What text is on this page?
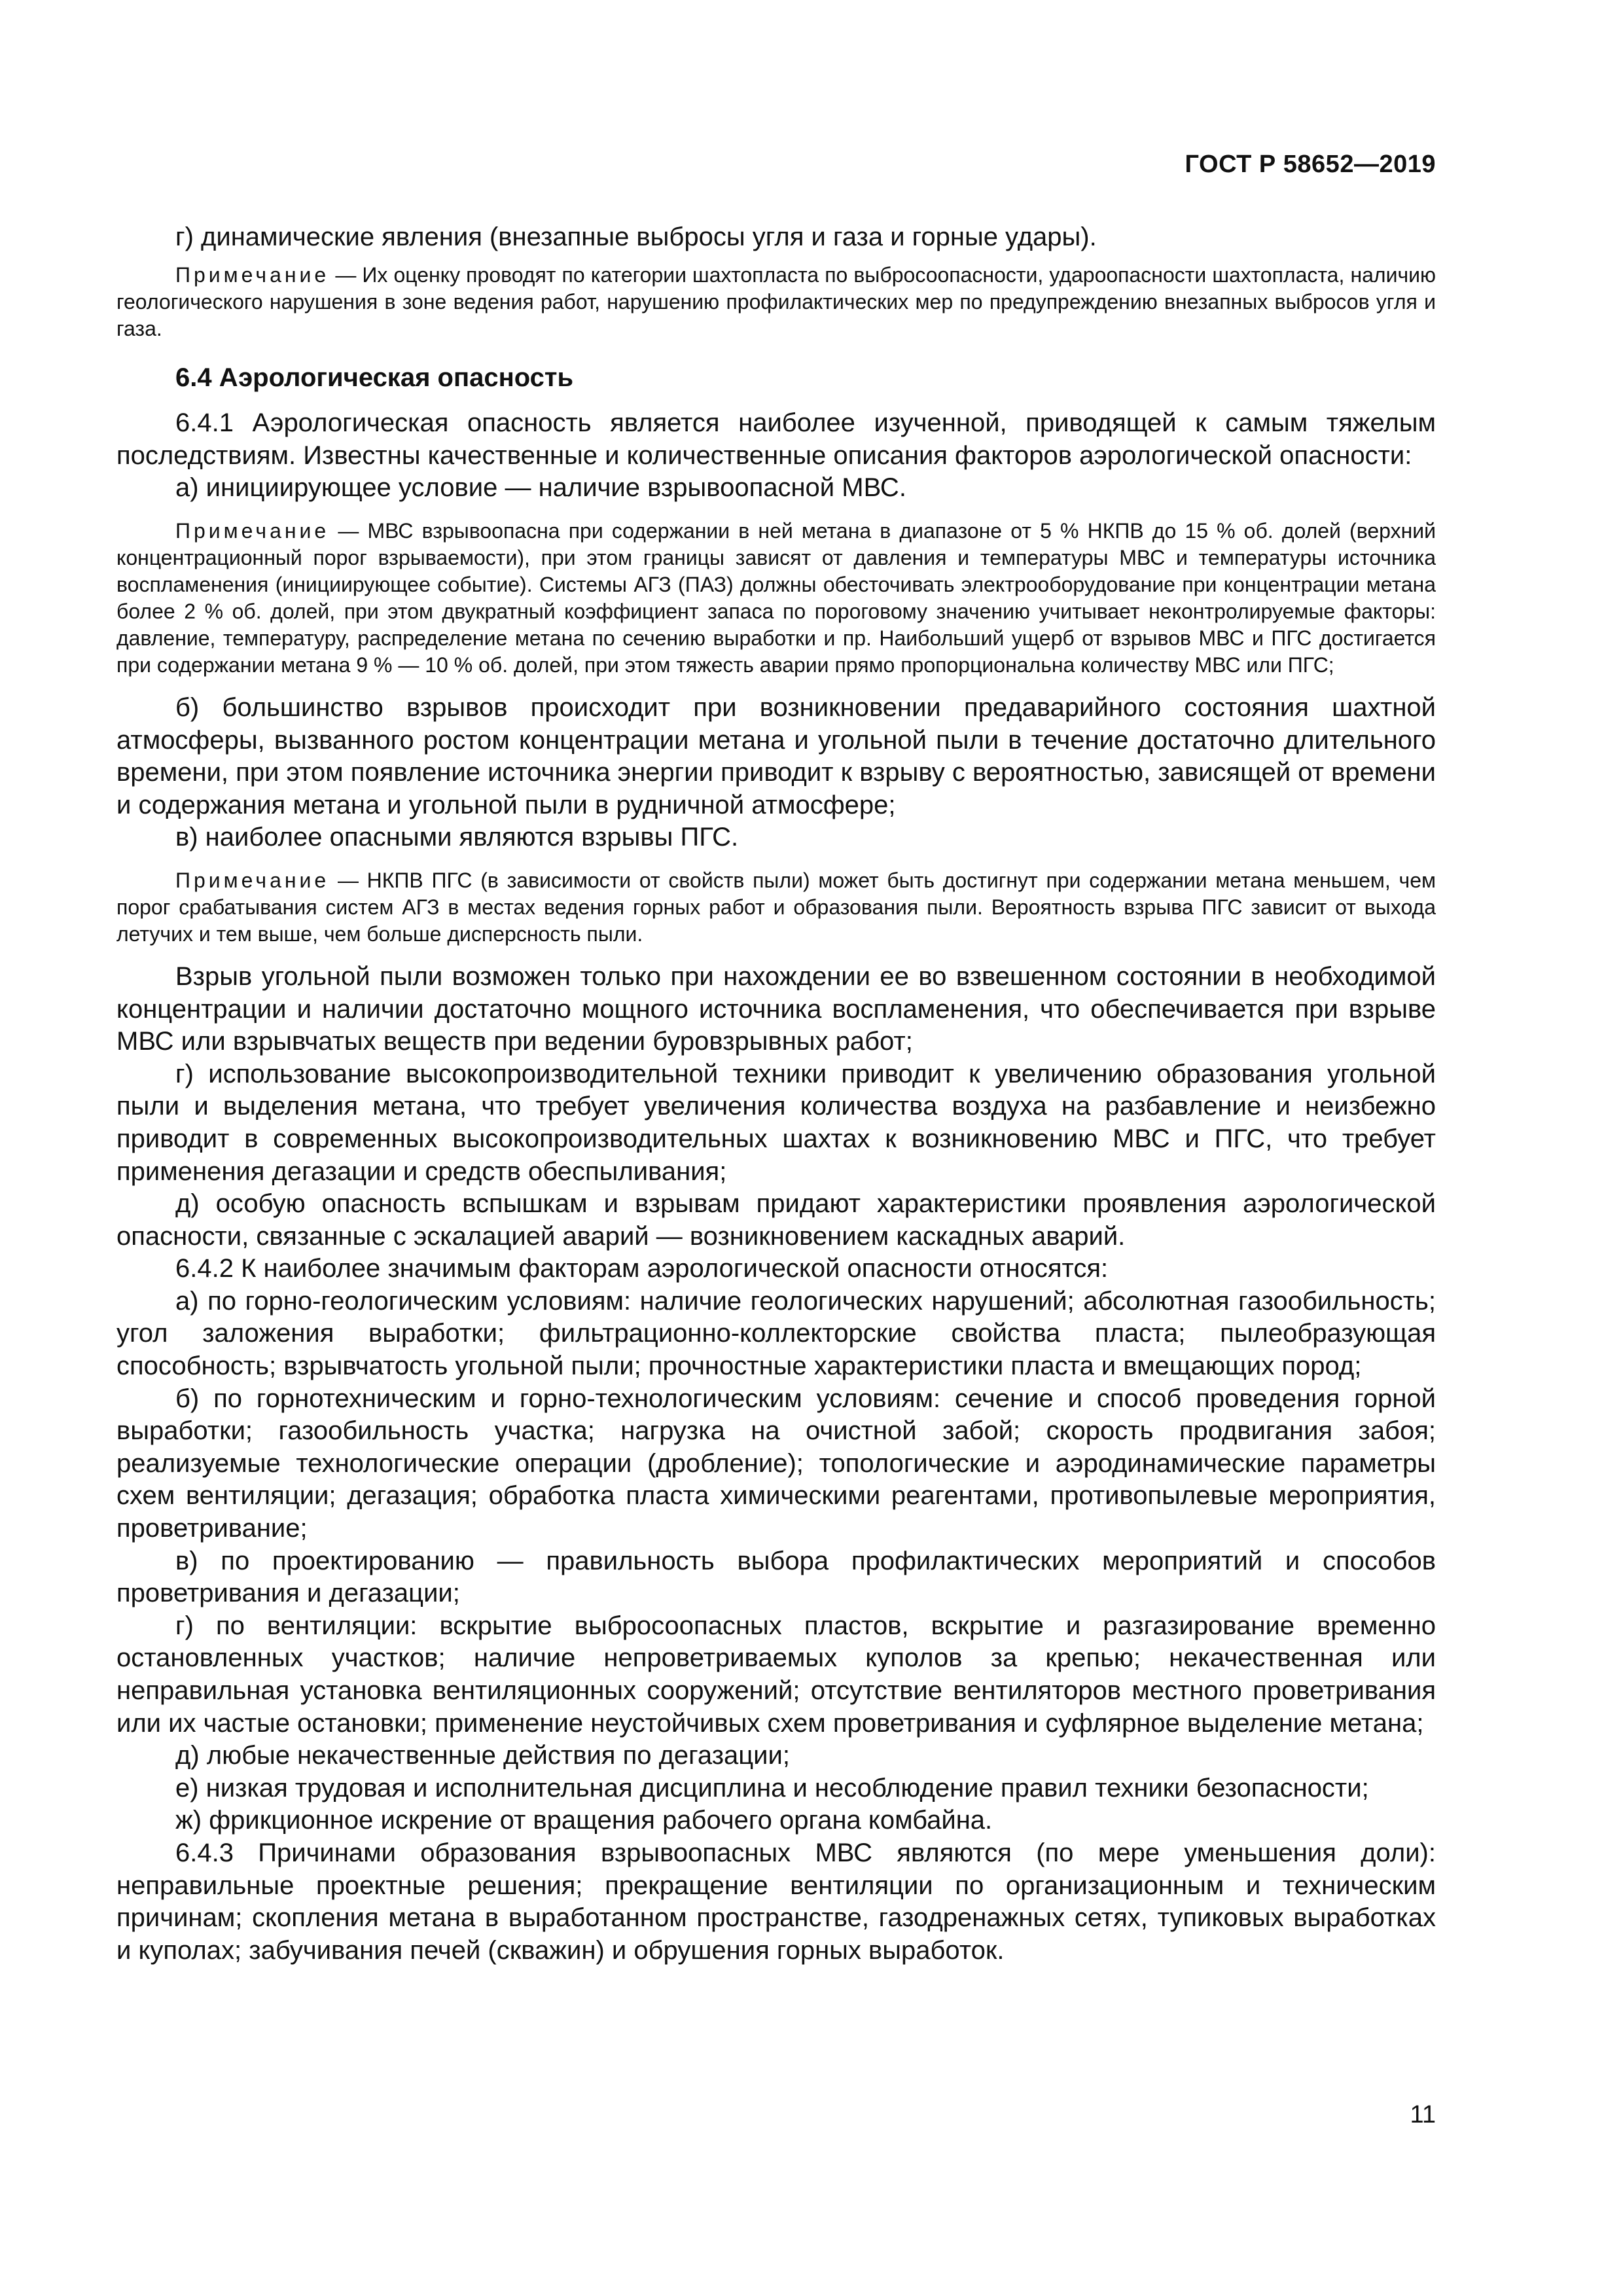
ГОСТ Р 58652—2019

г) динамические явления (внезапные выбросы угля и газа и горные удары).

Примечание — Их оценку проводят по категории шахтопласта по выбросоопасности, удароопасности шахтопласта, наличию геологического нарушения в зоне ведения работ, нарушению профилактических мер по предупреждению внезапных выбросов угля и газа.

6.4 Аэрологическая опасность

6.4.1 Аэрологическая опасность является наиболее изученной, приводящей к самым тяжелым последствиям. Известны качественные и количественные описания факторов аэрологической опасности:

а) инициирующее условие — наличие взрывоопасной МВС.

Примечание — МВС взрывоопасна при содержании в ней метана в диапазоне от 5 % НКПВ до 15 % об. долей (верхний концентрационный порог взрываемости), при этом границы зависят от давления и температуры МВС и температуры источника воспламенения (инициирующее событие). Системы АГЗ (ПАЗ) должны обесточивать электрооборудование при концентрации метана более 2 % об. долей, при этом двукратный коэффициент запаса по пороговому значению учитывает неконтролируемые факторы: давление, температуру, распределение метана по сечению выработки и пр. Наибольший ущерб от взрывов МВС и ПГС достигается при содержании метана 9 % — 10 % об. долей, при этом тяжесть аварии прямо пропорциональна количеству МВС или ПГС;

б) большинство взрывов происходит при возникновении предаварийного состояния шахтной атмосферы, вызванного ростом концентрации метана и угольной пыли в течение достаточно длительного времени, при этом появление источника энергии приводит к взрыву с вероятностью, зависящей от времени и содержания метана и угольной пыли в рудничной атмосфере;

в) наиболее опасными являются взрывы ПГС.

Примечание — НКПВ ПГС (в зависимости от свойств пыли) может быть достигнут при содержании метана меньшем, чем порог срабатывания систем АГЗ в местах ведения горных работ и образования пыли. Вероятность взрыва ПГС зависит от выхода летучих и тем выше, чем больше дисперсность пыли.

Взрыв угольной пыли возможен только при нахождении ее во взвешенном состоянии в необходимой концентрации и наличии достаточно мощного источника воспламенения, что обеспечивается при взрыве МВС или взрывчатых веществ при ведении буровзрывных работ;

г) использование высокопроизводительной техники приводит к увеличению образования угольной пыли и выделения метана, что требует увеличения количества воздуха на разбавление и неизбежно приводит в современных высокопроизводительных шахтах к возникновению МВС и ПГС, что требует применения дегазации и средств обеспыливания;

д) особую опасность вспышкам и взрывам придают характеристики проявления аэрологической опасности, связанные с эскалацией аварий — возникновением каскадных аварий.

6.4.2 К наиболее значимым факторам аэрологической опасности относятся:

а) по горно-геологическим условиям: наличие геологических нарушений; абсолютная газообильность; угол заложения выработки; фильтрационно-коллекторские свойства пласта; пылеобразующая способность; взрывчатость угольной пыли; прочностные характеристики пласта и вмещающих пород;

б) по горнотехническим и горно-технологическим условиям: сечение и способ проведения горной выработки; газообильность участка; нагрузка на очистной забой; скорость продвигания забоя; реализуемые технологические операции (дробление); топологические и аэродинамические параметры схем вентиляции; дегазация; обработка пласта химическими реагентами, противопылевые мероприятия, проветривание;

в) по проектированию — правильность выбора профилактических мероприятий и способов проветривания и дегазации;

г) по вентиляции: вскрытие выбросоопасных пластов, вскрытие и разгазирование временно остановленных участков; наличие непроветриваемых куполов за крепью; некачественная или неправильная установка вентиляционных сооружений; отсутствие вентиляторов местного проветривания или их частые остановки; применение неустойчивых схем проветривания и суфлярное выделение метана;

д) любые некачественные действия по дегазации;

е) низкая трудовая и исполнительная дисциплина и несоблюдение правил техники безопасности;

ж) фрикционное искрение от вращения рабочего органа комбайна.

6.4.3 Причинами образования взрывоопасных МВС являются (по мере уменьшения доли): неправильные проектные решения; прекращение вентиляции по организационным и техническим причинам; скопления метана в выработанном пространстве, газодренажных сетях, тупиковых выработках и куполах; забучивания печей (скважин) и обрушения горных выработок.

11
